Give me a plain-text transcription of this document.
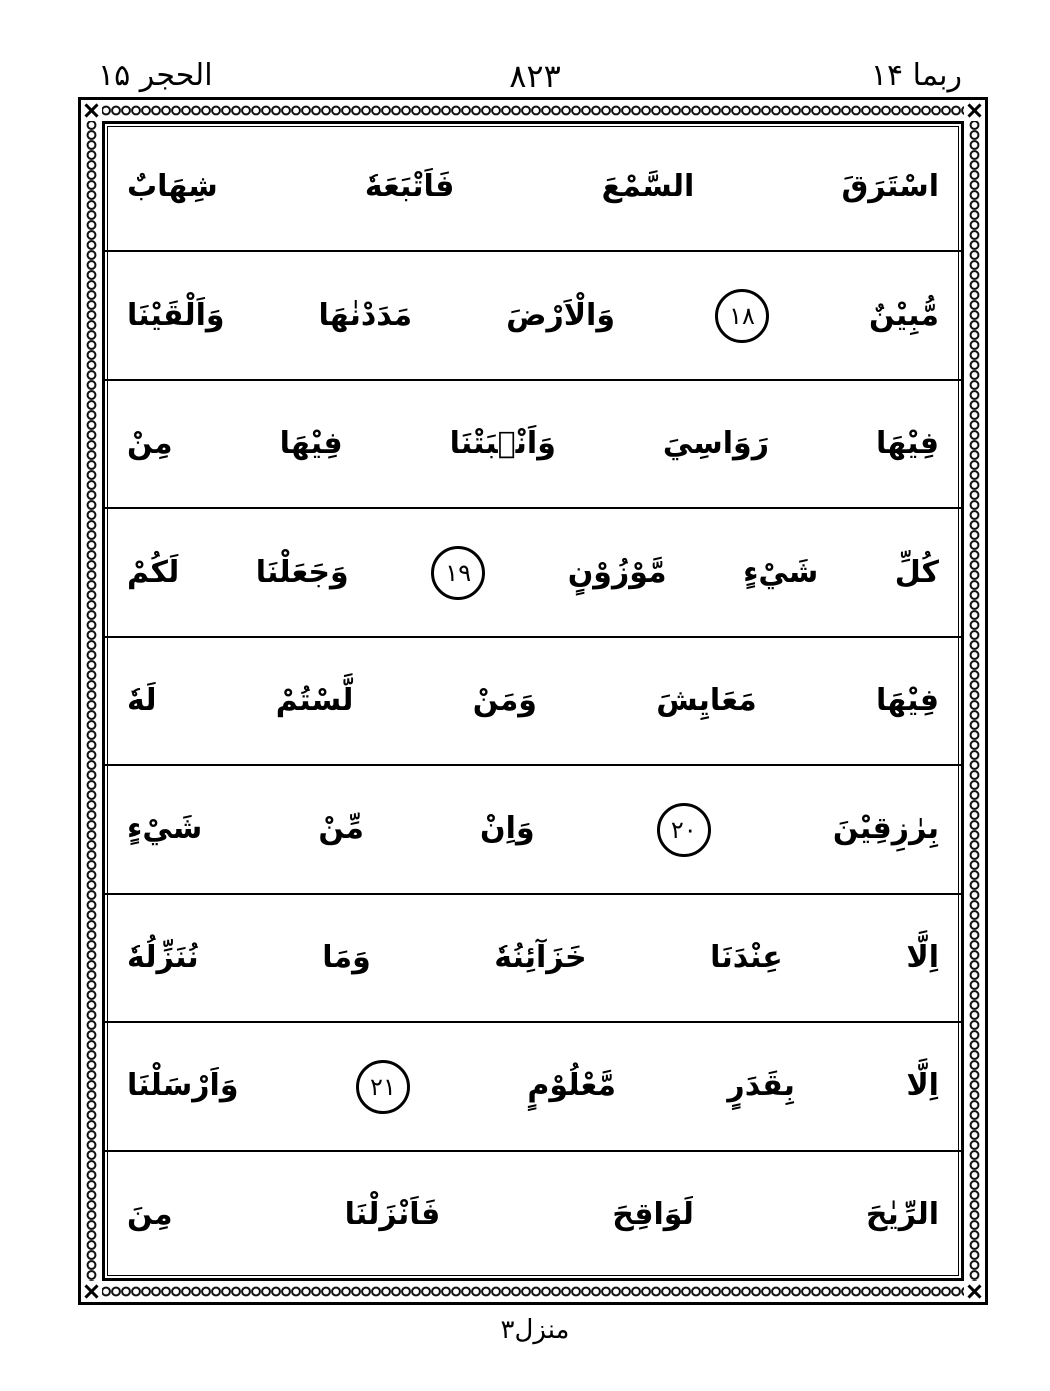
ربما ۱۴
۸۲۳
الحجر ۱۵
اسْتَرَقَ السَّمْعَ فَاَتْبَعَهٗ شِهَابٌ
مُّبِيْنٌ ۱۸ وَالْاَرْضَ مَدَدْنٰهَا وَاَلْقَيْنَا
فِيْهَا رَوَاسِيَ وَاَنْۢبَتْنَا فِيْهَا مِنْ
كُلِّ شَيْءٍ مَّوْزُوْنٍ ۱۹ وَجَعَلْنَا لَكُمْ
فِيْهَا مَعَايِشَ وَمَنْ لَّسْتُمْ لَهٗ
بِرٰزِقِيْنَ ۲۰ وَاِنْ مِّنْ شَيْءٍ
اِلَّا عِنْدَنَا خَزَآئِنُهٗ وَمَا نُنَزِّلُهٗ
اِلَّا بِقَدَرٍ مَّعْلُوْمٍ ۲۱ وَاَرْسَلْنَا
الرِّيٰحَ لَوَاقِحَ فَاَنْزَلْنَا مِنَ
منزل۳
